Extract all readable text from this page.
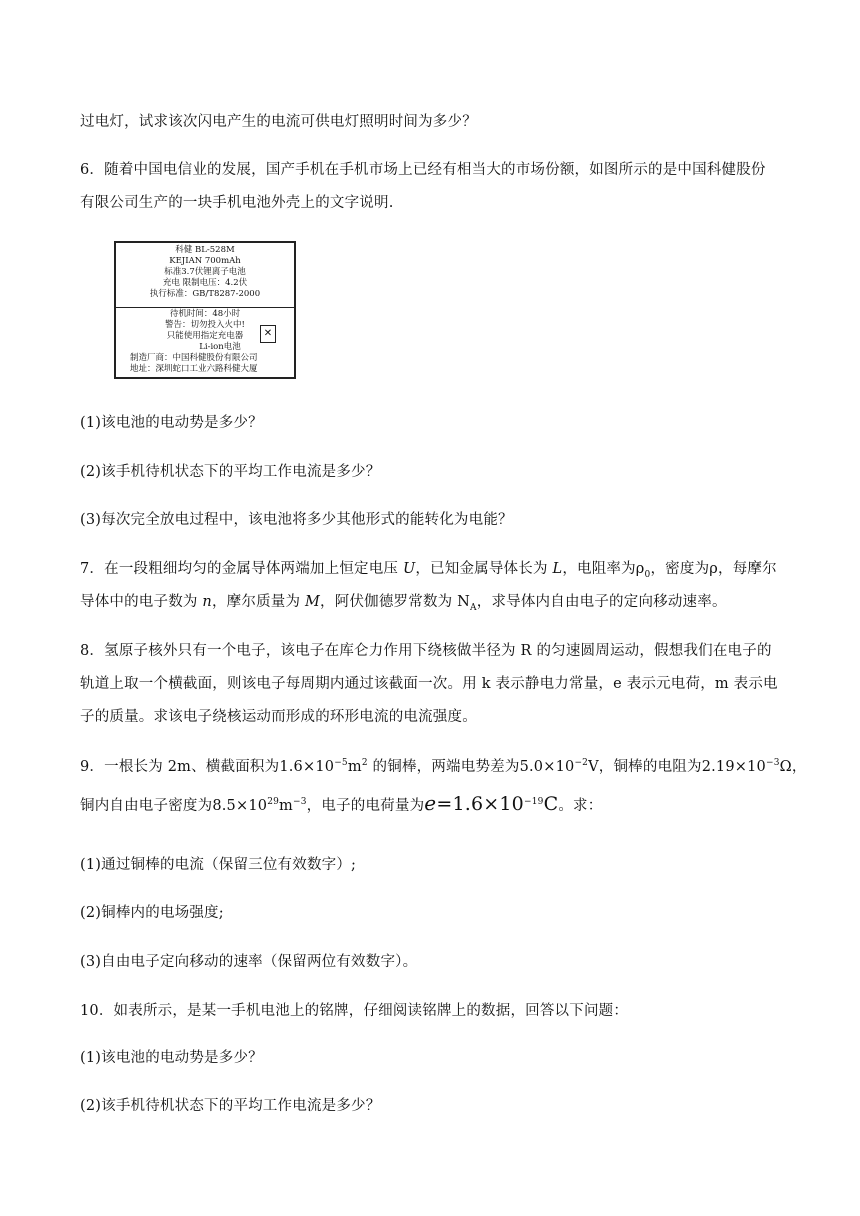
过电灯，试求该次闪电产生的电流可供电灯照明时间为多少？
6．随着中国电信业的发展，国产手机在手机市场上已经有相当大的市场份额，如图所示的是中国科健股份
有限公司生产的一块手机电池外壳上的文字说明.
科健 BL-528M
KEJIAN 700mAh
标准3.7伏锂离子电池
充电 限制电压：4.2伏
执行标准：GB/T8287-2000
待机时间：48小时
警告：切勿投入火中!
只能使用指定充电器
Li-ion电池
制造厂商：中国科健股份有限公司
地址：深圳蛇口工业六路科健大厦
✕
(1)该电池的电动势是多少？
(2)该手机待机状态下的平均工作电流是多少？
(3)每次完全放电过程中，该电池将多少其他形式的能转化为电能？
7．在一段粗细均匀的金属导体两端加上恒定电压 U，已知金属导体长为 L，电阻率为$\rho_0$，密度为ρ，每摩尔
导体中的电子数为 n，摩尔质量为 M，阿伏伽德罗常数为 $N_A$，求导体内自由电子的定向移动速率。
8．氢原子核外只有一个电子，该电子在库仑力作用下绕核做半径为 R 的匀速圆周运动，假想我们在电子的
轨道上取一个横截面，则该电子每周期内通过该截面一次。用 k 表示静电力常量，e 表示元电荷，m 表示电
子的质量。求该电子绕核运动而形成的环形电流的电流强度。
9．一根长为 2m、横截面积为$1.6\times 10^{-5}m^2$ 的铜棒，两端电势差为$5.0\times 10^{-2}V$，铜棒的电阻为$2.19\times 10^{-3}\Omega$，
铜内自由电子密度为$8.5\times 10^{29}m^{-3}$，电子的电荷量为$e=1.6\times 10^{-19}C$。求：
(1)通过铜棒的电流（保留三位有效数字）;
(2)铜棒内的电场强度;
(3)自由电子定向移动的速率（保留两位有效数字）。
10．如表所示，是某一手机电池上的铭牌，仔细阅读铭牌上的数据，回答以下问题：
(1)该电池的电动势是多少？
(2)该手机待机状态下的平均工作电流是多少？
